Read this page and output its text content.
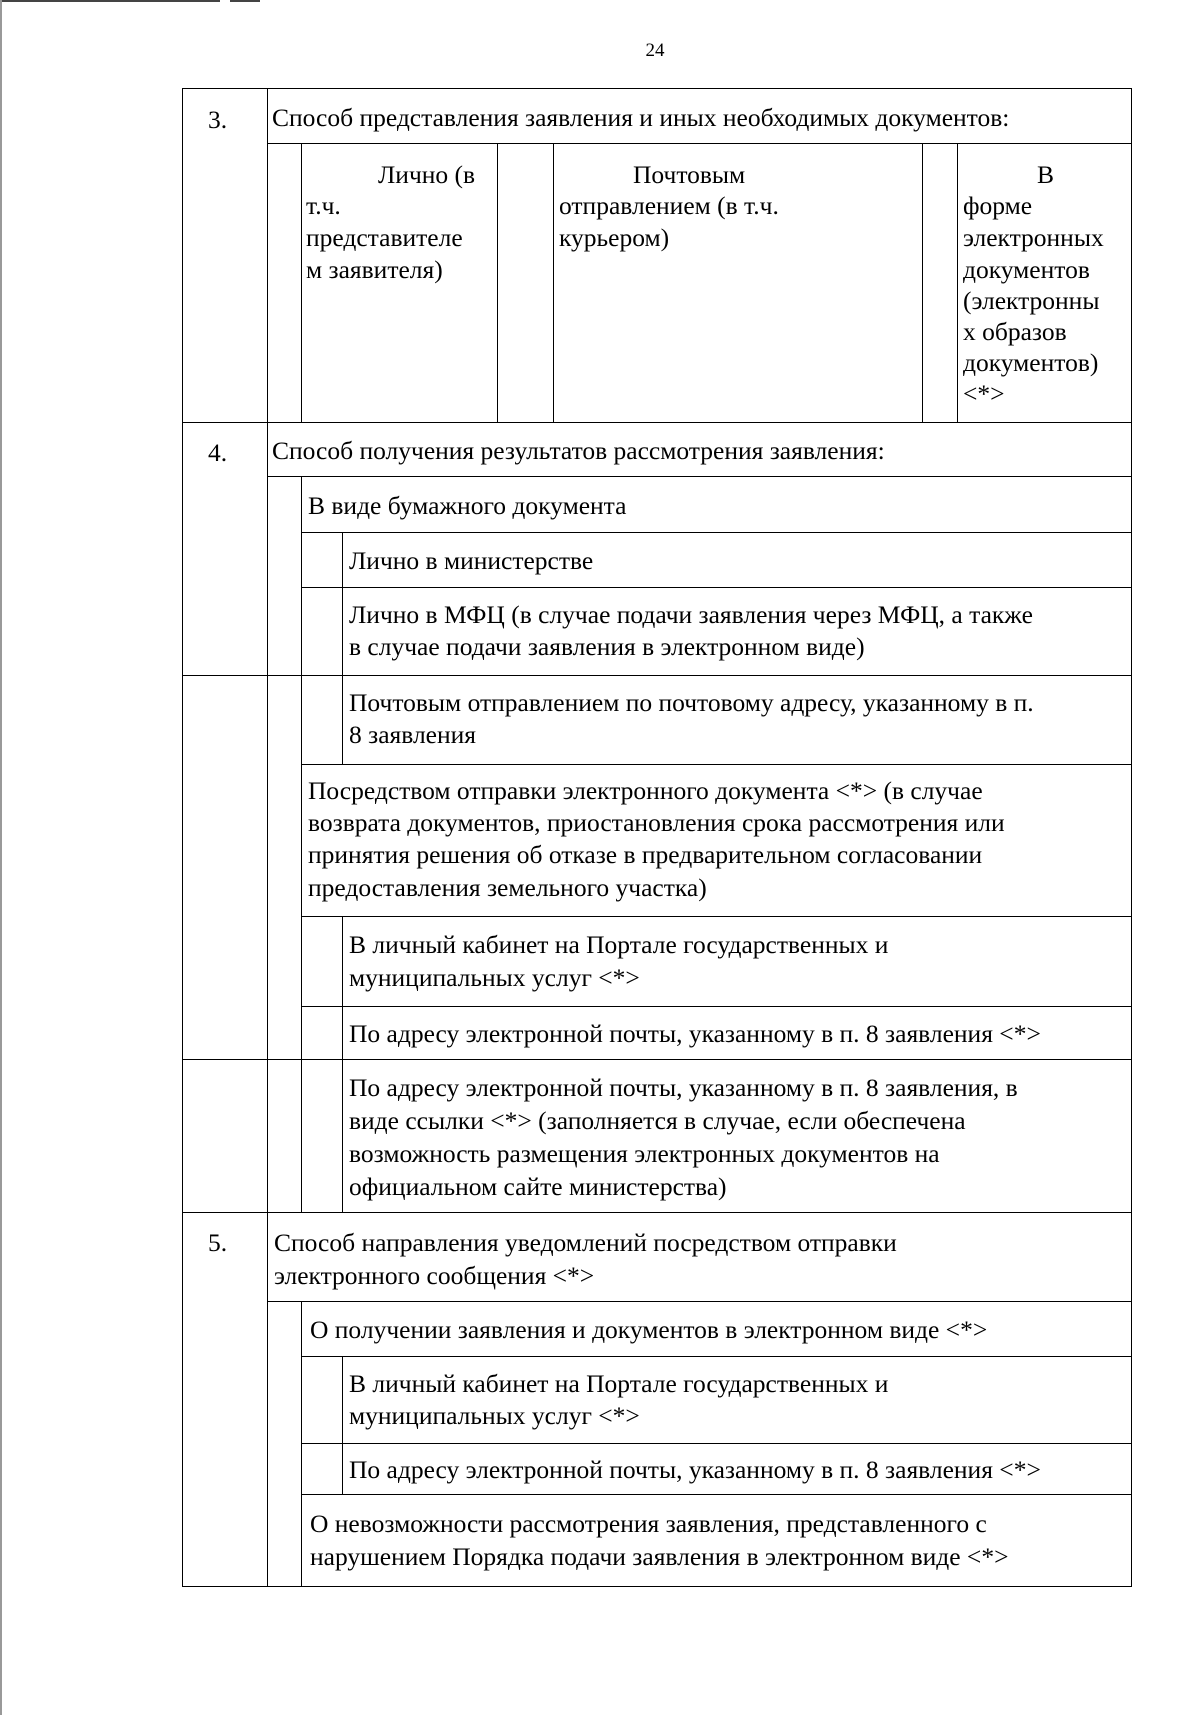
24
3. Способ представления заявления и иных необходимых документов:
Лично (в
т.ч.
представителе
м заявителя)
Почтовым
отправлением (в т.ч.
курьером)
В
форме
электронных
документов
(электронны
х образов
документов)
<*>
4. Способ получения результатов рассмотрения заявления:
В виде бумажного документа
Лично в министерстве
Лично в МФЦ (в случае подачи заявления через МФЦ, а также
в случае подачи заявления в электронном виде)
Почтовым отправлением по почтовому адресу, указанному в п.
8 заявления
Посредством отправки электронного документа <*> (в случае
возврата документов, приостановления срока рассмотрения или
принятия решения об отказе в предварительном согласовании
предоставления земельного участка)
В личный кабинет на Портале государственных и
муниципальных услуг <*>
По адресу электронной почты, указанному в п. 8 заявления <*>
По адресу электронной почты, указанному в п. 8 заявления, в
виде ссылки <*> (заполняется в случае, если обеспечена
возможность размещения электронных документов на
официальном сайте министерства)
5. Способ направления уведомлений посредством отправки
электронного сообщения <*>
О получении заявления и документов в электронном виде <*>
В личный кабинет на Портале государственных и
муниципальных услуг <*>
По адресу электронной почты, указанному в п. 8 заявления <*>
О невозможности рассмотрения заявления, представленного с
нарушением Порядка подачи заявления в электронном виде <*>
